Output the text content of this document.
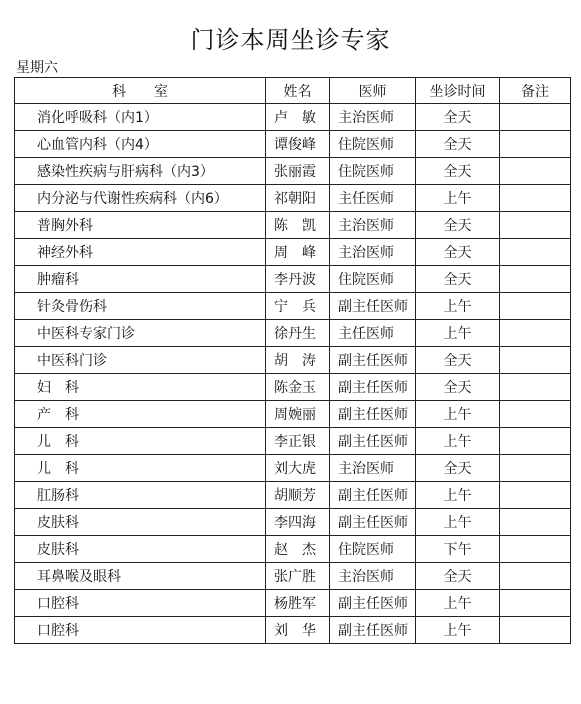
门诊本周坐诊专家
星期六
科　　室	姓名	医师	坐诊时间	备注
消化呼吸科（内1）	卢　敏	主治医师	全天	
心血管内科（内4）	谭俊峰	住院医师	全天	
感染性疾病与肝病科（内3）	张丽霞	住院医师	全天	
内分泌与代谢性疾病科（内6）	祁朝阳	主任医师	上午	
普胸外科	陈　凯	主治医师	全天	
神经外科	周　峰	主治医师	全天	
肿瘤科	李丹波	住院医师	全天	
针灸骨伤科	宁　兵	副主任医师	上午	
中医科专家门诊	徐丹生	主任医师	上午	
中医科门诊	胡　涛	副主任医师	全天	
妇　科	陈金玉	副主任医师	全天	
产　科	周婉丽	副主任医师	上午	
儿　科	李正银	副主任医师	上午	
儿　科	刘大虎	主治医师	全天	
肛肠科	胡顺芳	副主任医师	上午	
皮肤科	李四海	副主任医师	上午	
皮肤科	赵　杰	住院医师	下午	
耳鼻喉及眼科	张广胜	主治医师	全天	
口腔科	杨胜军	副主任医师	上午	
口腔科	刘　华	副主任医师	上午	
